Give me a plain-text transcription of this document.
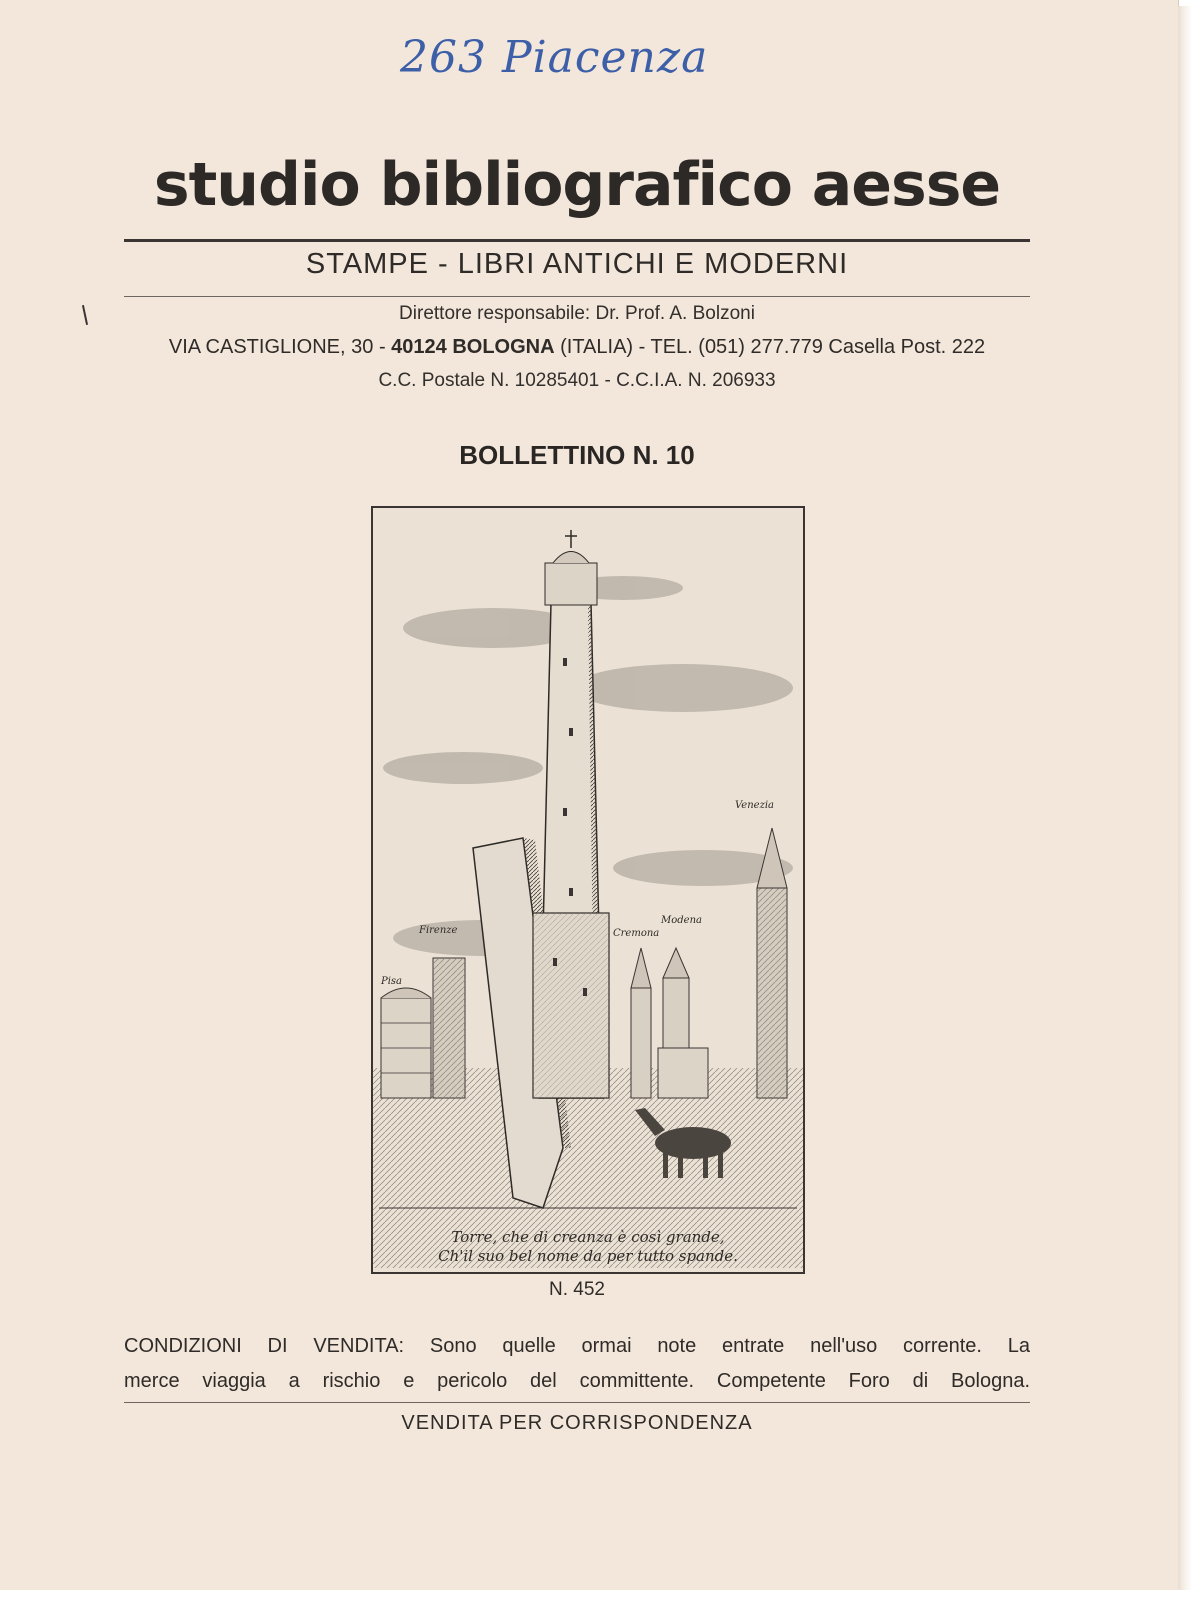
263 Piacenza
studio bibliografico aesse
STAMPE - LIBRI ANTICHI E MODERNI
Direttore responsabile: Dr. Prof. A. Bolzoni
VIA CASTIGLIONE, 30 - 40124 BOLOGNA (ITALIA) - TEL. (051) 277.779 Casella Post. 222
C.C. Postale N. 10285401 - C.C.I.A. N. 206933
BOLLETTINO N. 10
Venezia
Firenze
Pisa
Cremona
Modena
Torre, che di creanza è così grande,
Ch'il suo bel nome da per tutto spande.
N. 452
CONDIZIONI DI VENDITA: Sono quelle ormai note entrate nell'uso corrente. La
merce viaggia a rischio e pericolo del committente. Competente Foro di Bologna.
VENDITA PER CORRISPONDENZA
